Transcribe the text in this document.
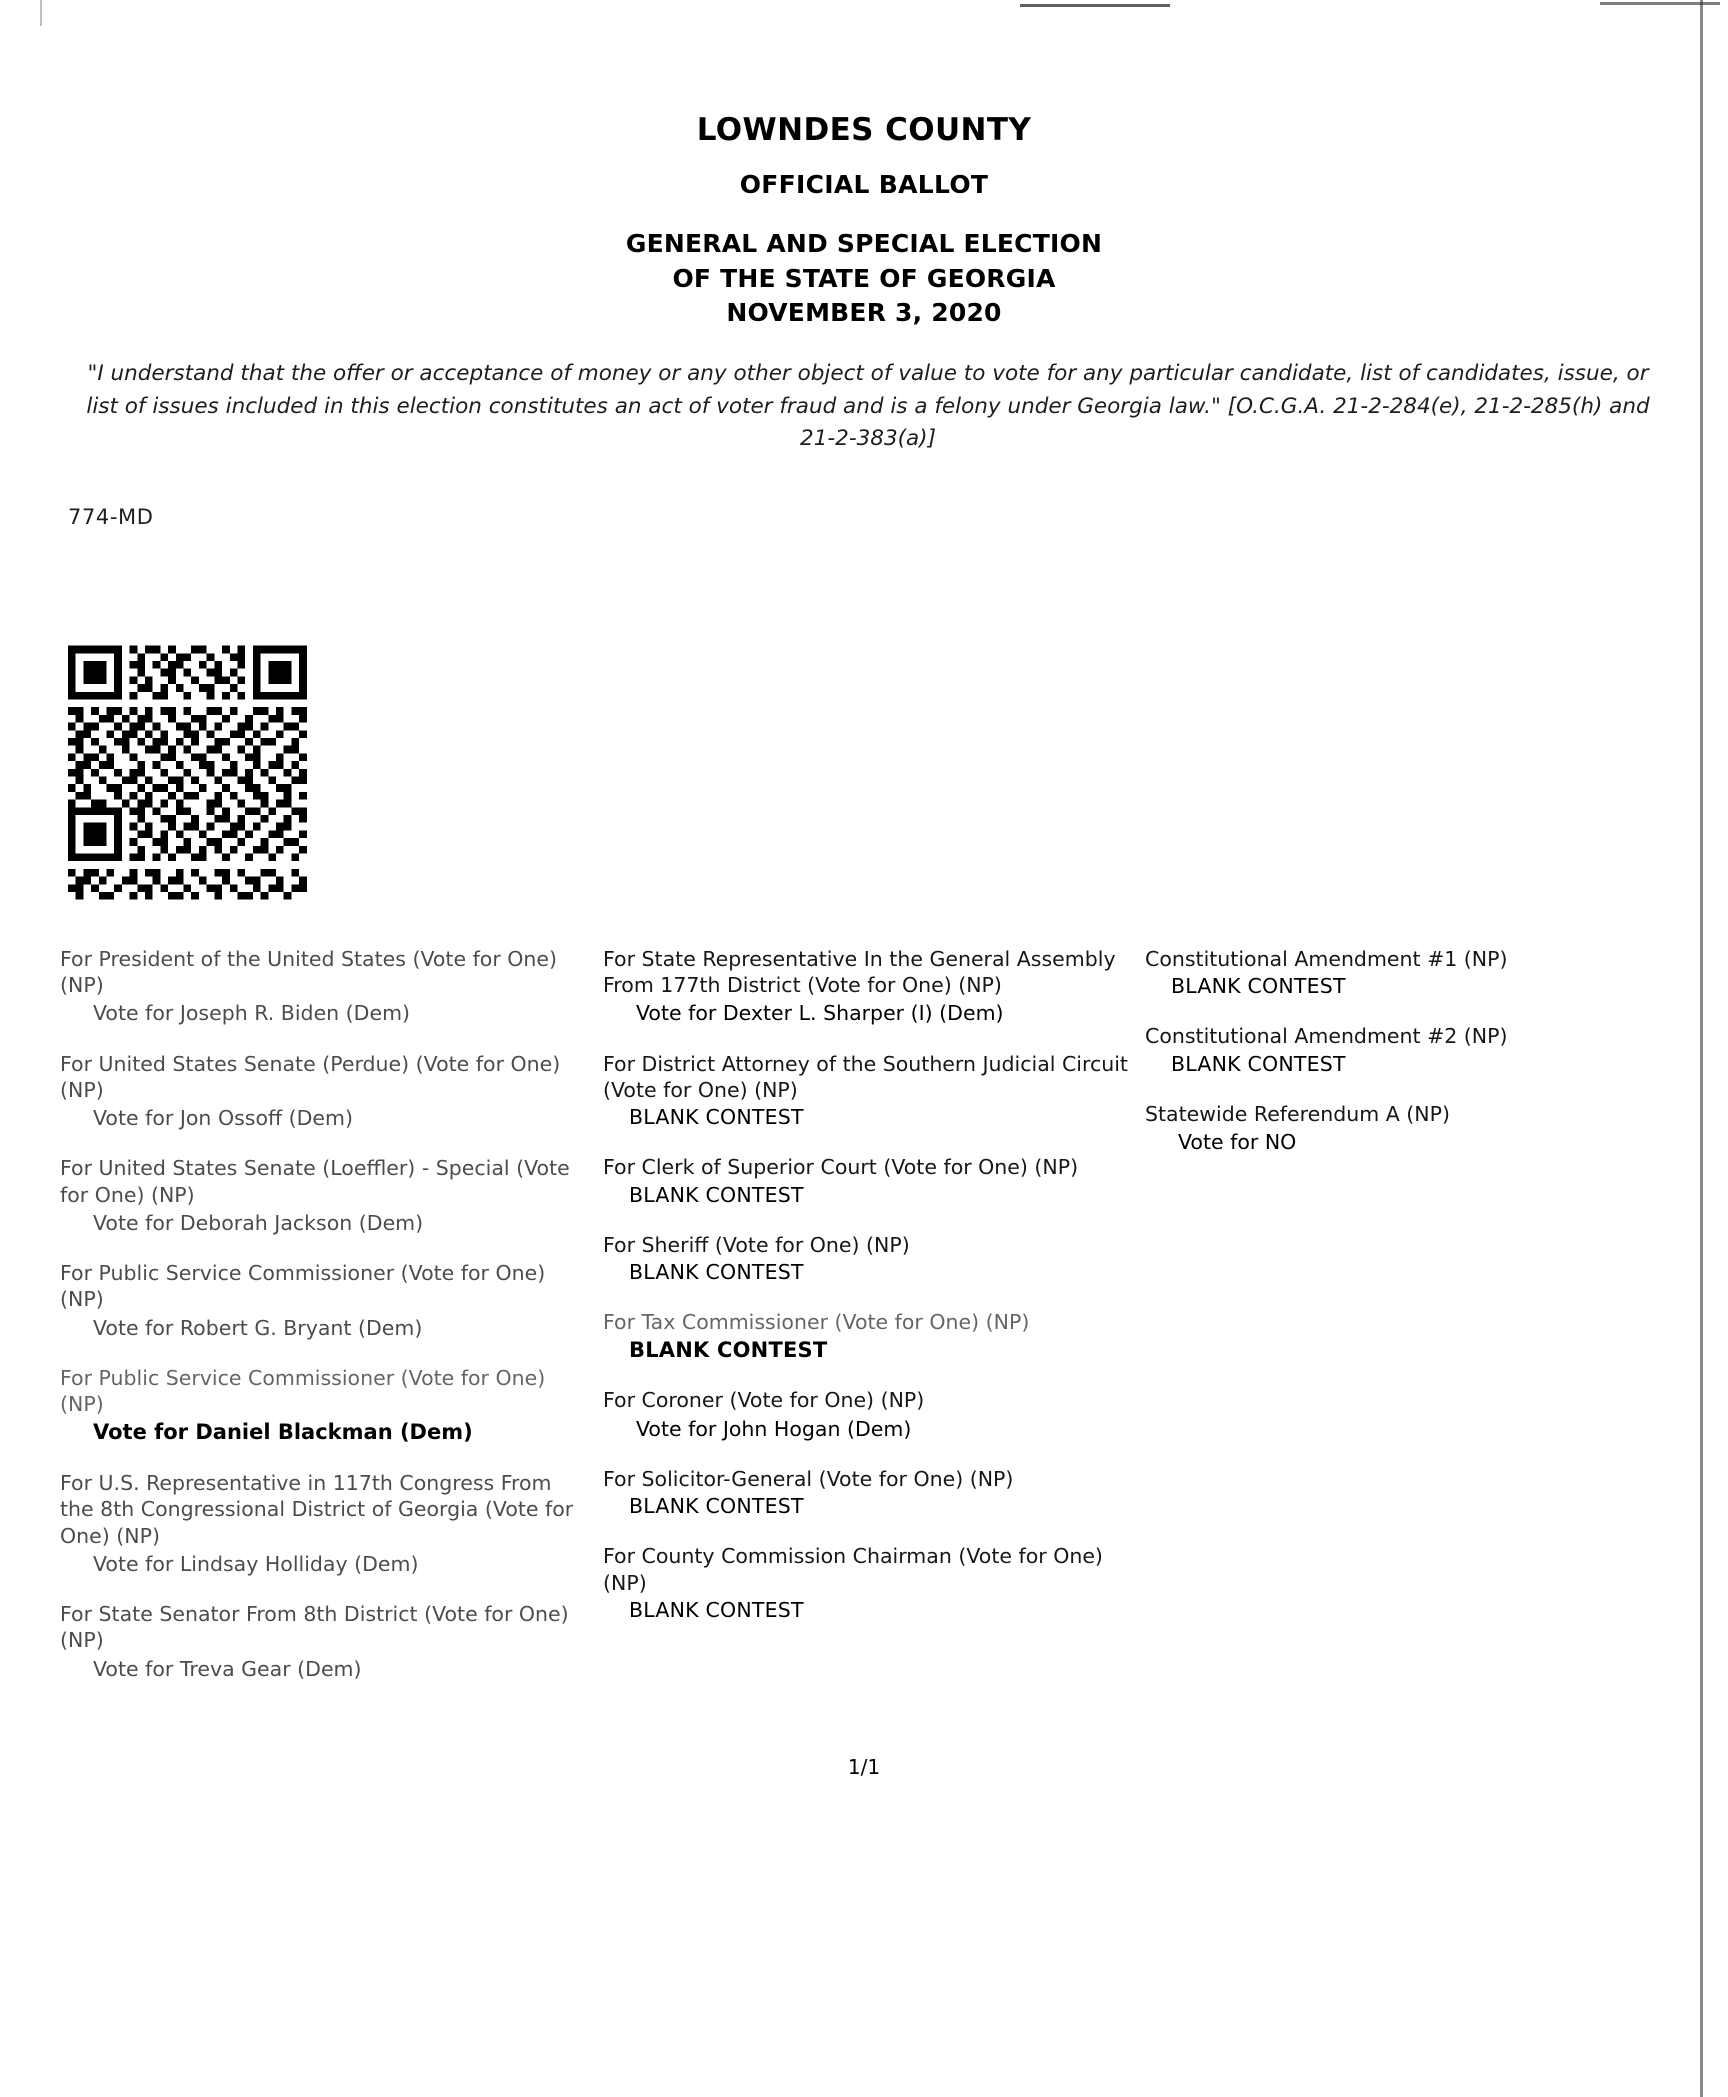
LOWNDES COUNTY
OFFICIAL BALLOT
GENERAL AND SPECIAL ELECTION
OF THE STATE OF GEORGIA
NOVEMBER 3, 2020
"I understand that the offer or acceptance of money or any other object of value to vote for any particular candidate, list of candidates, issue, or list of issues included in this election constitutes an act of voter fraud and is a felony under Georgia law." [O.C.G.A. 21-2-284(e), 21-2-285(h) and 21-2-383(a)]
774-MD
For President of the United States (Vote for One) (NP)
Vote for Joseph R. Biden (Dem)
For United States Senate (Perdue) (Vote for One) (NP)
Vote for Jon Ossoff (Dem)
For United States Senate (Loeffler) - Special (Vote for One) (NP)
Vote for Deborah Jackson (Dem)
For Public Service Commissioner (Vote for One) (NP)
Vote for Robert G. Bryant (Dem)
For Public Service Commissioner (Vote for One) (NP)
Vote for Daniel Blackman (Dem)
For U.S. Representative in 117th Congress From the 8th Congressional District of Georgia (Vote for One) (NP)
Vote for Lindsay Holliday (Dem)
For State Senator From 8th District (Vote for One) (NP)
Vote for Treva Gear (Dem)
For State Representative In the General Assembly From 177th District (Vote for One) (NP)
Vote for Dexter L. Sharper (I) (Dem)
For District Attorney of the Southern Judicial Circuit (Vote for One) (NP)
BLANK CONTEST
For Clerk of Superior Court (Vote for One) (NP)
BLANK CONTEST
For Sheriff (Vote for One) (NP)
BLANK CONTEST
For Tax Commissioner (Vote for One) (NP)
BLANK CONTEST
For Coroner (Vote for One) (NP)
Vote for John Hogan (Dem)
For Solicitor-General (Vote for One) (NP)
BLANK CONTEST
For County Commission Chairman (Vote for One) (NP)
BLANK CONTEST
Constitutional Amendment #1 (NP)
BLANK CONTEST
Constitutional Amendment #2 (NP)
BLANK CONTEST
Statewide Referendum A (NP)
Vote for NO
1/1
